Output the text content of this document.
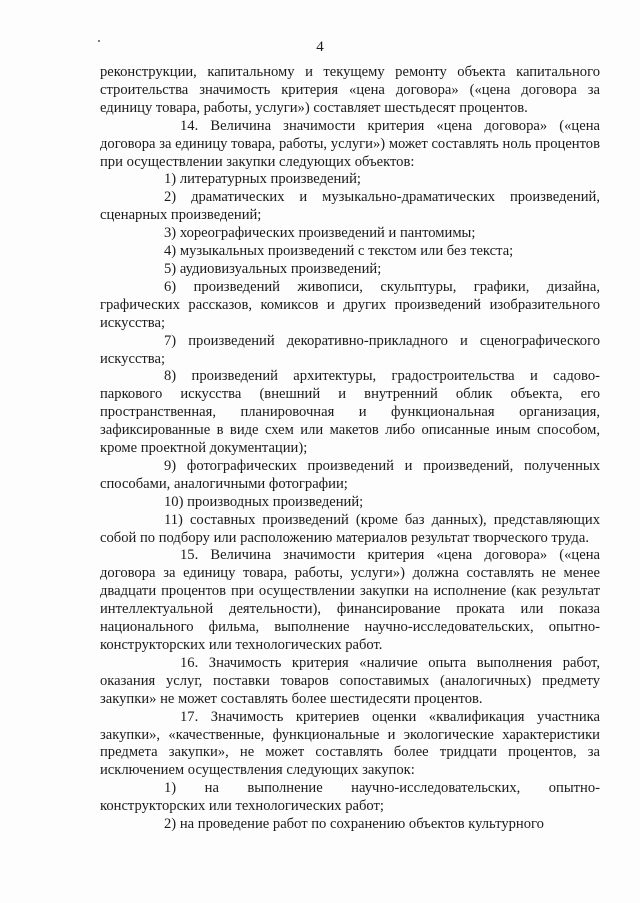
4

реконструкции, капитальному и текущему ремонту объекта капитального строительства значимость критерия «цена договора» («цена договора за единицу товара, работы, услуги») составляет шестьдесят процентов.

14. Величина значимости критерия «цена договора» («цена договора за единицу товара, работы, услуги») может составлять ноль процентов при осуществлении закупки следующих объектов:

1) литературных произведений;

2) драматических и музыкально-драматических произведений, сценарных произведений;

3) хореографических произведений и пантомимы;

4) музыкальных произведений с текстом или без текста;

5) аудиовизуальных произведений;

6) произведений живописи, скульптуры, графики, дизайна, графических рассказов, комиксов и других произведений изобразительного искусства;

7) произведений декоративно-прикладного и сценографического искусства;

8) произведений архитектуры, градостроительства и садово-паркового искусства (внешний и внутренний облик объекта, его пространственная, планировочная и функциональная организация, зафиксированные в виде схем или макетов либо описанные иным способом, кроме проектной документации);

9) фотографических произведений и произведений, полученных способами, аналогичными фотографии;

10) производных произведений;

11) составных произведений (кроме баз данных), представляющих собой по подбору или расположению материалов результат творческого труда.

15. Величина значимости критерия «цена договора» («цена договора за единицу товара, работы, услуги») должна составлять не менее двадцати процентов при осуществлении закупки на исполнение (как результат интеллектуальной деятельности), финансирование проката или показа национального фильма, выполнение научно-исследовательских, опытно-конструкторских или технологических работ.

16. Значимость критерия «наличие опыта выполнения работ, оказания услуг, поставки товаров сопоставимых (аналогичных) предмету закупки» не может составлять более шестидесяти процентов.

17. Значимость критериев оценки «квалификация участника закупки», «качественные, функциональные и экологические характеристики предмета закупки», не может составлять более тридцати процентов, за исключением осуществления следующих закупок:

1) на выполнение научно-исследовательских, опытно-конструкторских или технологических работ;

2) на проведение работ по сохранению объектов культурного
